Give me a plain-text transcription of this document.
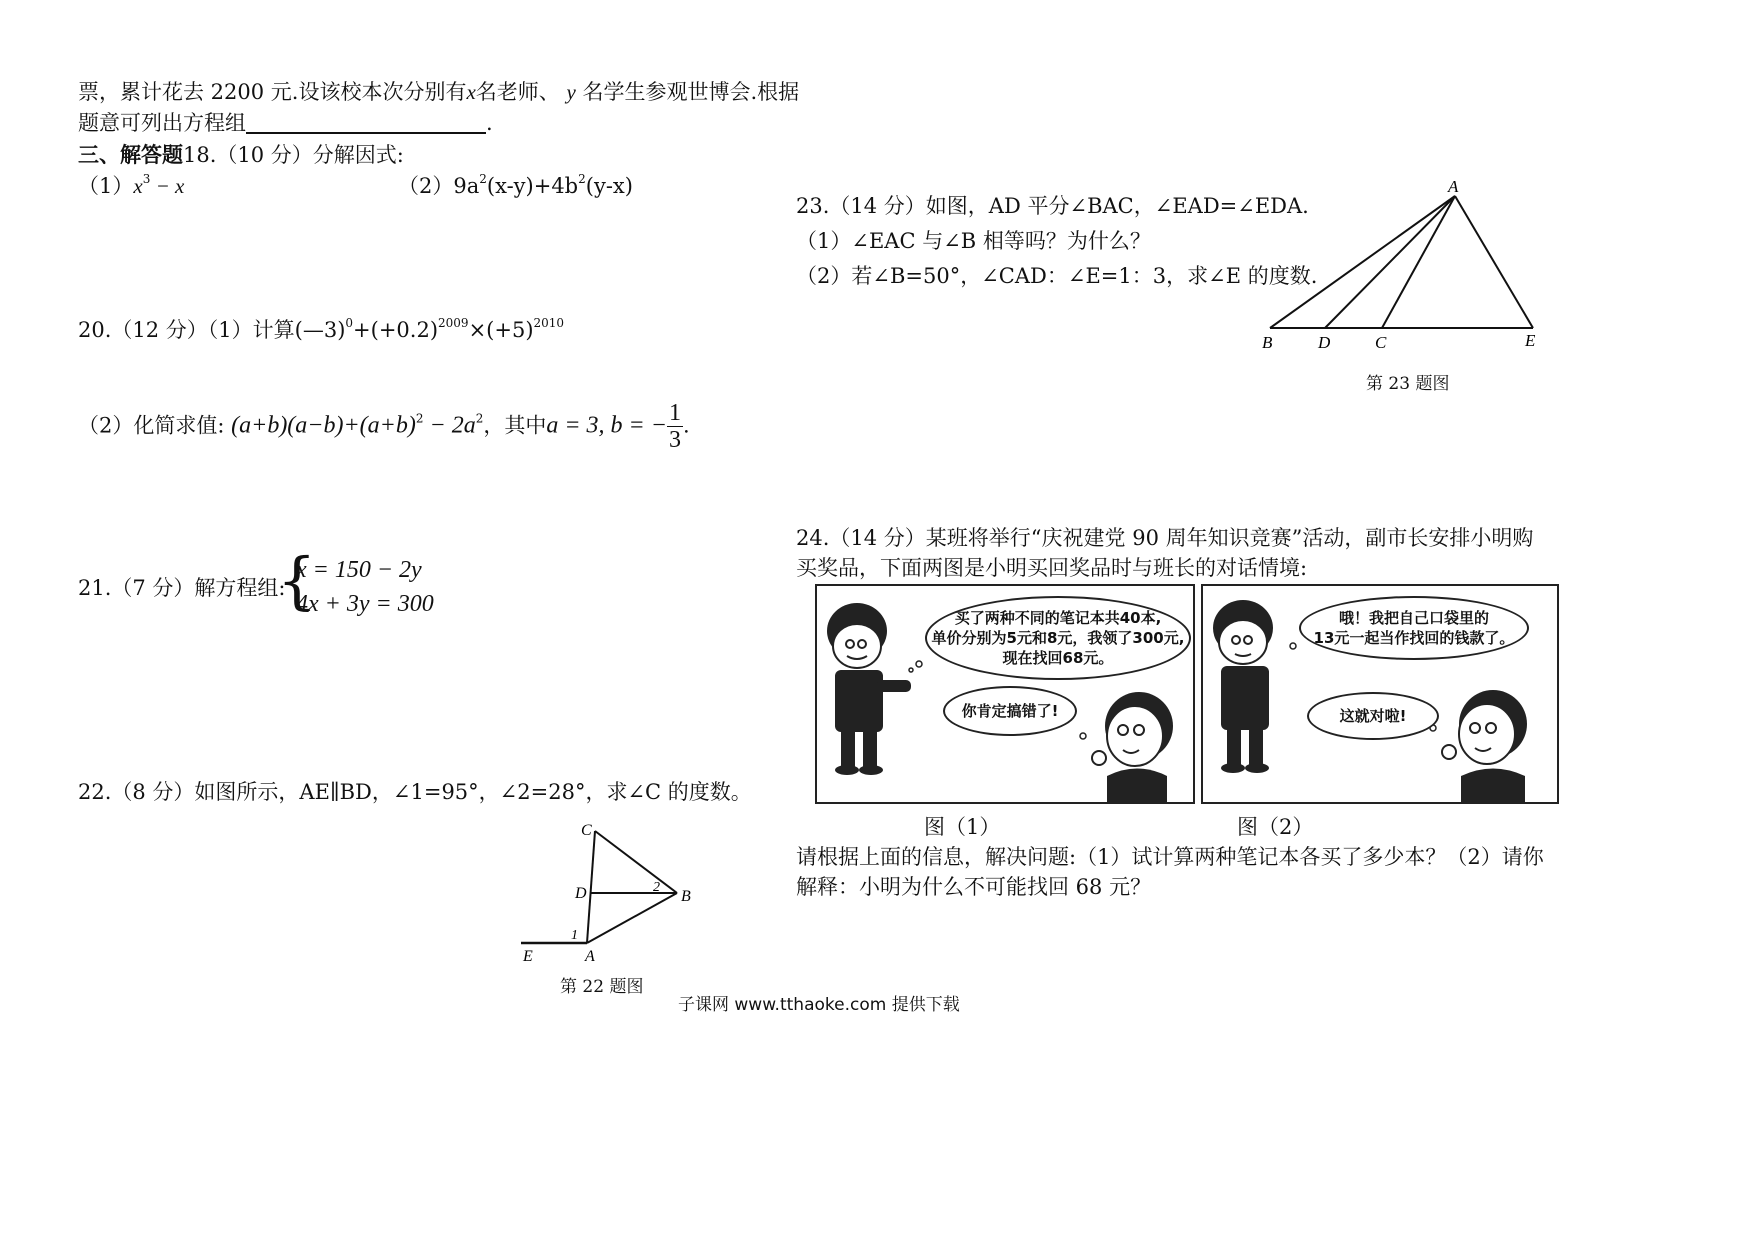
票，累计花去 2200 元.设该校本次分别有x名老师、 y 名学生参观世博会.根据
题意可列出方程组	.
三、解答题18.（10 分）分解因式:
$(1)x^3 - x$	$(2)9a^2(x-y)+4b^2(y-x)$
20.（12 分）（1）计算$(—3)^0+(+0.2)^{2009}\times(+5)^{2010}$
（2）化简求值: $(a+b)(a-b)+(a+b)^2 - 2a^2$，其中a = 3, b = − $\frac{1}{3}$ .
21.（7 分）解方程组:
{
x = 150 − 2y
4x + 3y = 300
22.（8 分）如图所示，AE∥BD，∠1=95°，∠2=28°，求∠C 的度数。
C
D	B
A
E
1
2
第 22 题图
23.（14 分）如图，AD 平分∠BAC，∠EAD=∠EDA.
（1）∠EAC 与∠B 相等吗？为什么？
（2）若∠B=50°，∠CAD：∠E=1：3，求∠E 的度数.
A
B	D	C	E
第 23 题图
24.（14 分）某班将举行“庆祝建党 90 周年知识竞赛”活动，副市长安排小明购
买奖品，下面两图是小明买回奖品时与班长的对话情境:
买了两种不同的笔记本共40本,
单价分别为5元和8元，我领了300元,
现在找回68元。
你肯定搞错了!
哦！我把自己口袋里的
13元一起当作找回的钱款了。
这就对啦!
图（1）	图（2）
请根据上面的信息，解决问题:（1）试计算两种笔记本各买了多少本？（2）请你
解释：小明为什么不可能找回 68 元？
子课网 www.tthaoke.com 提供下载
